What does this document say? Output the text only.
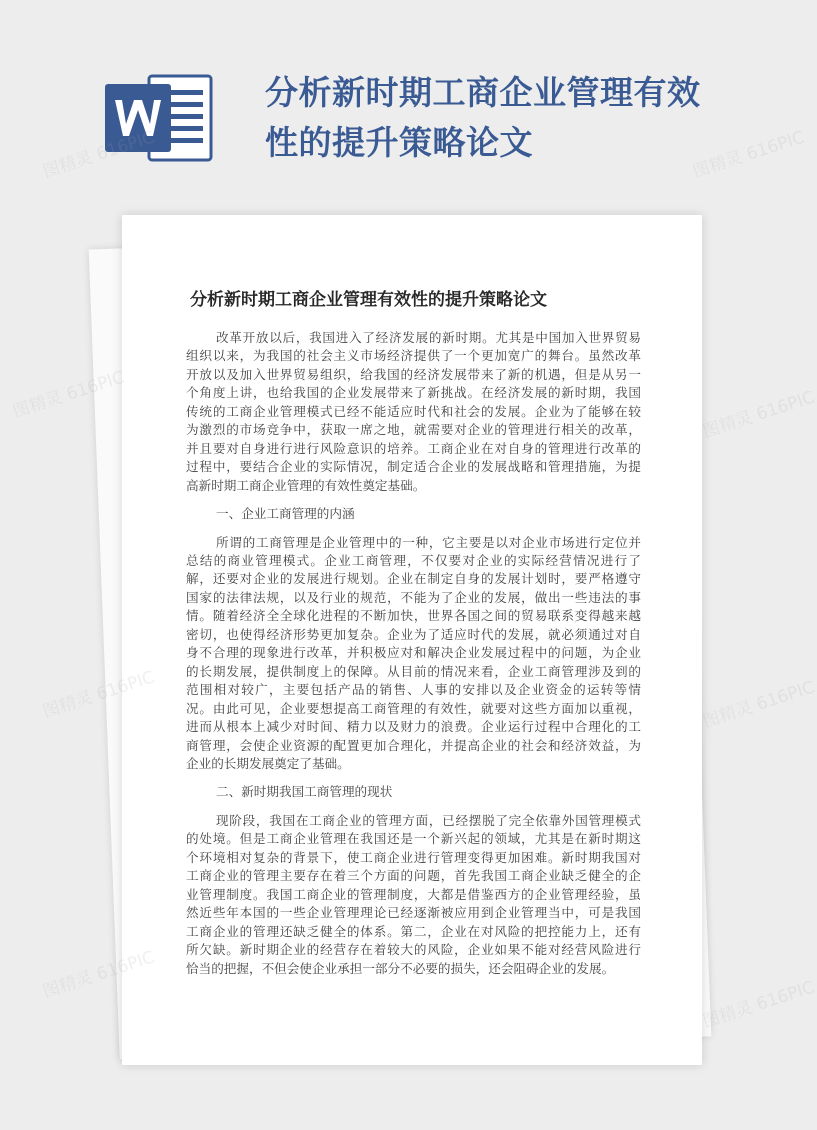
分析新时期工商企业管理有效
性的提升策略论文
分析新时期工商企业管理有效性的提升策略论文
改革开放以后，我国进入了经济发展的新时期。尤其是中国加入世界贸易
组织以来，为我国的社会主义市场经济提供了一个更加宽广的舞台。虽然改革
开放以及加入世界贸易组织，给我国的经济发展带来了新的机遇，但是从另一
个角度上讲，也给我国的企业发展带来了新挑战。在经济发展的新时期，我国
传统的工商企业管理模式已经不能适应时代和社会的发展。企业为了能够在较
为激烈的市场竞争中，获取一席之地，就需要对企业的管理进行相关的改革，
并且要对自身进行进行风险意识的培养。工商企业在对自身的管理进行改革的
过程中，要结合企业的实际情况，制定适合企业的发展战略和管理措施，为提
高新时期工商企业管理的有效性奠定基础。
一、企业工商管理的内涵
所谓的工商管理是企业管理中的一种，它主要是以对企业市场进行定位并
总结的商业管理模式。企业工商管理，不仅要对企业的实际经营情况进行了
解，还要对企业的发展进行规划。企业在制定自身的发展计划时，要严格遵守
国家的法律法规，以及行业的规范，不能为了企业的发展，做出一些违法的事
情。随着经济全全球化进程的不断加快，世界各国之间的贸易联系变得越来越
密切，也使得经济形势更加复杂。企业为了适应时代的发展，就必须通过对自
身不合理的现象进行改革，并积极应对和解决企业发展过程中的问题，为企业
的长期发展，提供制度上的保障。从目前的情况来看，企业工商管理涉及到的
范围相对较广，主要包括产品的销售、人事的安排以及企业资金的运转等情
况。由此可见，企业要想提高工商管理的有效性，就要对这些方面加以重视，
进而从根本上减少对时间、精力以及财力的浪费。企业运行过程中合理化的工
商管理，会使企业资源的配置更加合理化，并提高企业的社会和经济效益，为
企业的长期发展奠定了基础。
二、新时期我国工商管理的现状
现阶段，我国在工商企业的管理方面，已经摆脱了完全依靠外国管理模式
的处境。但是工商企业管理在我国还是一个新兴起的领域，尤其是在新时期这
个环境相对复杂的背景下，使工商企业进行管理变得更加困难。新时期我国对
工商企业的管理主要存在着三个方面的问题，首先我国工商企业缺乏健全的企
业管理制度。我国工商企业的管理制度，大都是借鉴西方的企业管理经验，虽
然近些年本国的一些企业管理理论已经逐渐被应用到企业管理当中，可是我国
工商企业的管理还缺乏健全的体系。第二，企业在对风险的把控能力上，还有
所欠缺。新时期企业的经营存在着较大的风险，企业如果不能对经营风险进行
恰当的把握，不但会使企业承担一部分不必要的损失，还会阻碍企业的发展。
图精灵 616PIC	图精灵 616PIC
图精灵 616PIC	图精灵 616PIC
图精灵 616PIC	图精灵 616PIC
图精灵 616PIC
图精灵 616PIC
